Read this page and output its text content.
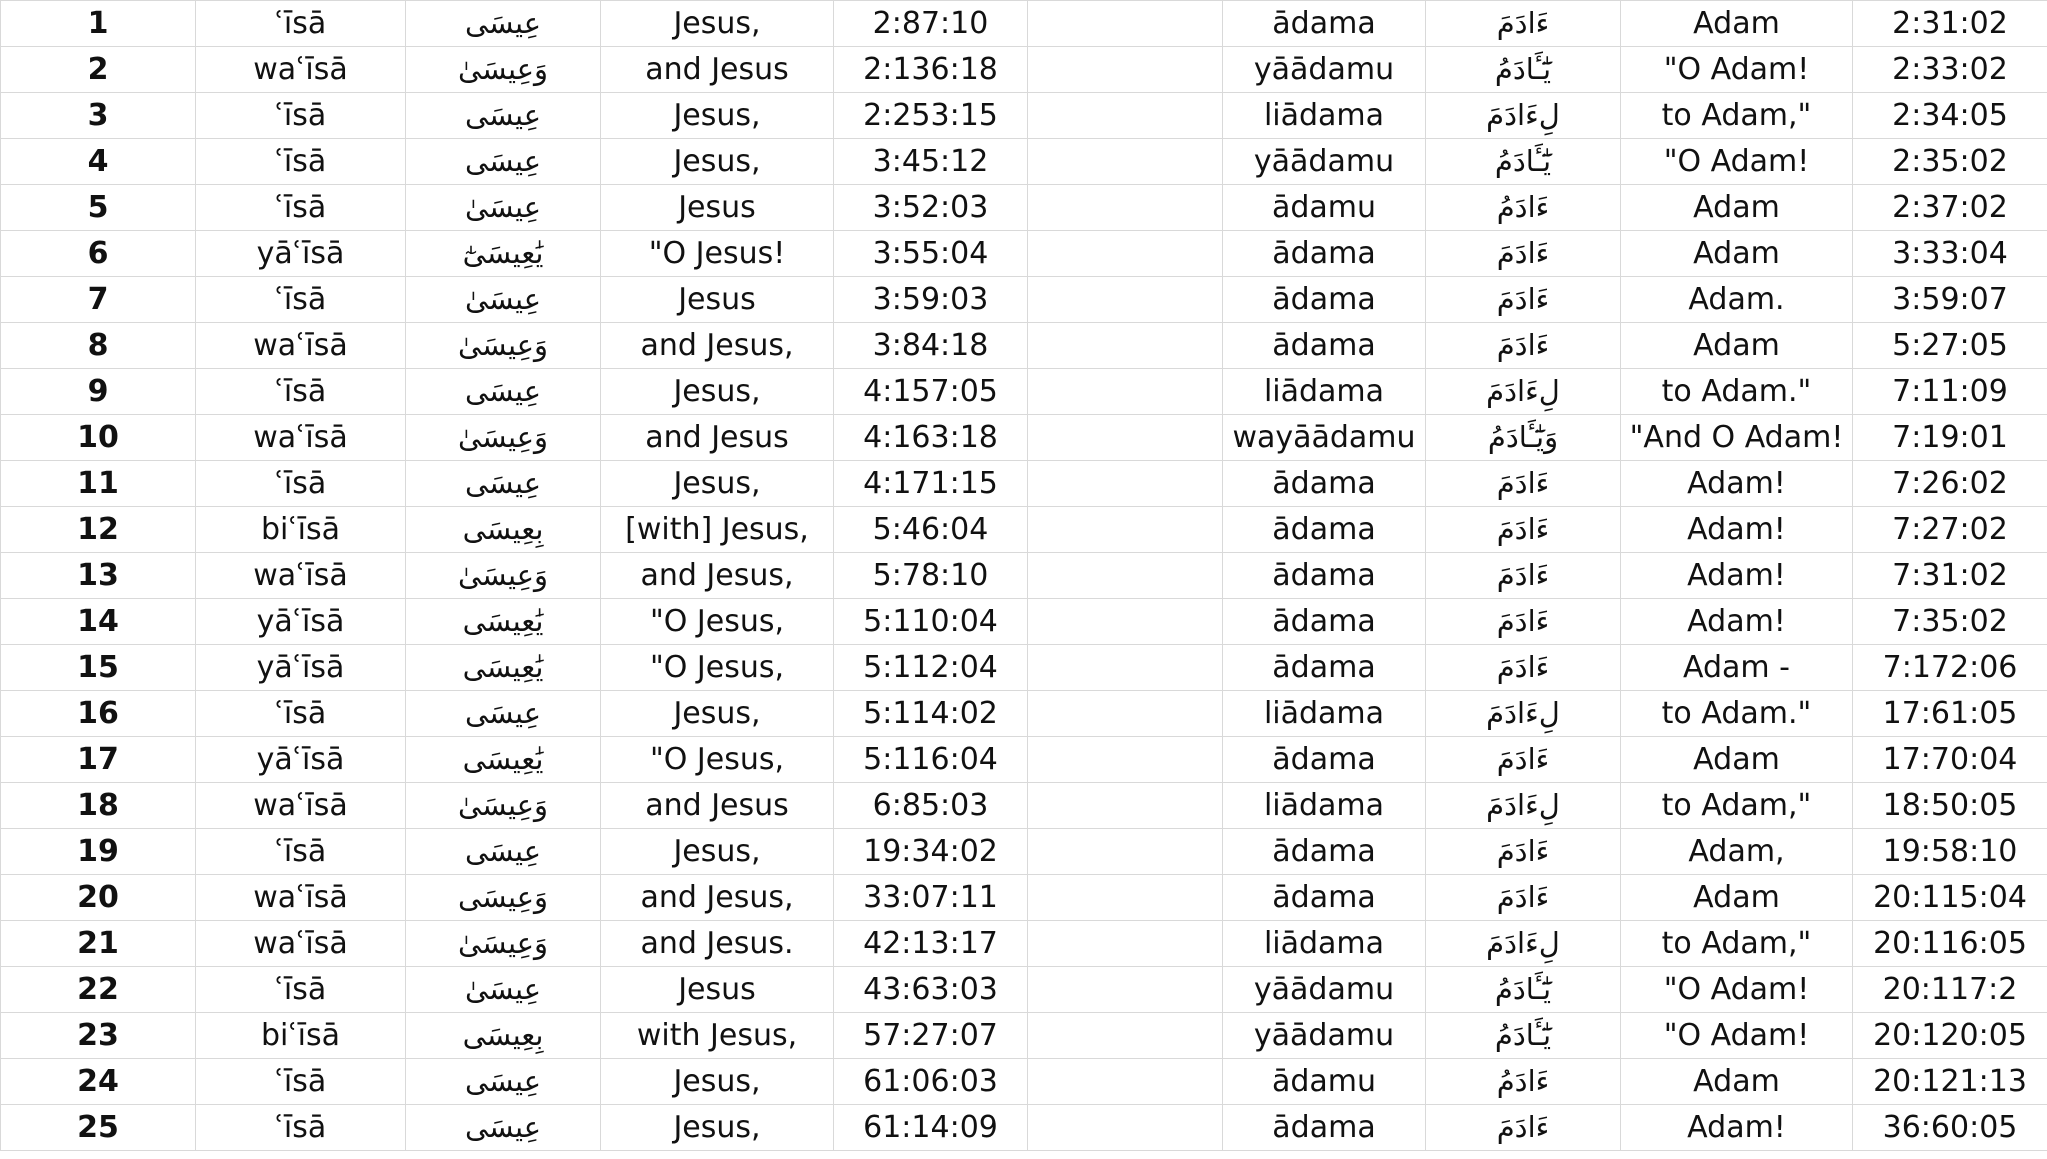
1	ʿīsā	عِيسَى	Jesus,	2:87:10		ādama	ءَادَمَ	Adam	2:31:02
2	waʿīsā	وَعِيسَىٰ	and Jesus	2:136:18		yāādamu	يَٰٓـَٔادَمُ	"O Adam!	2:33:02
3	ʿīsā	عِيسَى	Jesus,	2:253:15		liādama	لِءَادَمَ	to Adam,"	2:34:05
4	ʿīsā	عِيسَى	Jesus,	3:45:12		yāādamu	يَٰٓـَٔادَمُ	"O Adam!	2:35:02
5	ʿīsā	عِيسَىٰ	Jesus	3:52:03		ādamu	ءَادَمُ	Adam	2:37:02
6	yāʿīsā	يَٰعِيسَىٰٓ	"O Jesus!	3:55:04		ādama	ءَادَمَ	Adam	3:33:04
7	ʿīsā	عِيسَىٰ	Jesus	3:59:03		ādama	ءَادَمَ	Adam.	3:59:07
8	waʿīsā	وَعِيسَىٰ	and Jesus,	3:84:18		ādama	ءَادَمَ	Adam	5:27:05
9	ʿīsā	عِيسَى	Jesus,	4:157:05		liādama	لِءَادَمَ	to Adam."	7:11:09
10	waʿīsā	وَعِيسَىٰ	and Jesus	4:163:18		wayāādamu	وَيَٰٓـَٔادَمُ	"And O Adam!	7:19:01
11	ʿīsā	عِيسَى	Jesus,	4:171:15		ādama	ءَادَمَ	Adam!	7:26:02
12	biʿīsā	بِعِيسَى	[with] Jesus,	5:46:04		ādama	ءَادَمَ	Adam!	7:27:02
13	waʿīsā	وَعِيسَىٰ	and Jesus,	5:78:10		ādama	ءَادَمَ	Adam!	7:31:02
14	yāʿīsā	يَٰعِيسَى	"O Jesus,	5:110:04		ādama	ءَادَمَ	Adam!	7:35:02
15	yāʿīsā	يَٰعِيسَى	"O Jesus,	5:112:04		ādama	ءَادَمَ	Adam -	7:172:06
16	ʿīsā	عِيسَى	Jesus,	5:114:02		liādama	لِءَادَمَ	to Adam."	17:61:05
17	yāʿīsā	يَٰعِيسَى	"O Jesus,	5:116:04		ādama	ءَادَمَ	Adam	17:70:04
18	waʿīsā	وَعِيسَىٰ	and Jesus	6:85:03		liādama	لِءَادَمَ	to Adam,"	18:50:05
19	ʿīsā	عِيسَى	Jesus,	19:34:02		ādama	ءَادَمَ	Adam,	19:58:10
20	waʿīsā	وَعِيسَى	and Jesus,	33:07:11		ādama	ءَادَمَ	Adam	20:115:04
21	waʿīsā	وَعِيسَىٰ	and Jesus.	42:13:17		liādama	لِءَادَمَ	to Adam,"	20:116:05
22	ʿīsā	عِيسَىٰ	Jesus	43:63:03		yāādamu	يَٰٓـَٔادَمُ	"O Adam!	20:117:2
23	biʿīsā	بِعِيسَى	with Jesus,	57:27:07		yāādamu	يَٰٓـَٔادَمُ	"O Adam!	20:120:05
24	ʿīsā	عِيسَى	Jesus,	61:06:03		ādamu	ءَادَمُ	Adam	20:121:13
25	ʿīsā	عِيسَى	Jesus,	61:14:09		ādama	ءَادَمَ	Adam!	36:60:05
